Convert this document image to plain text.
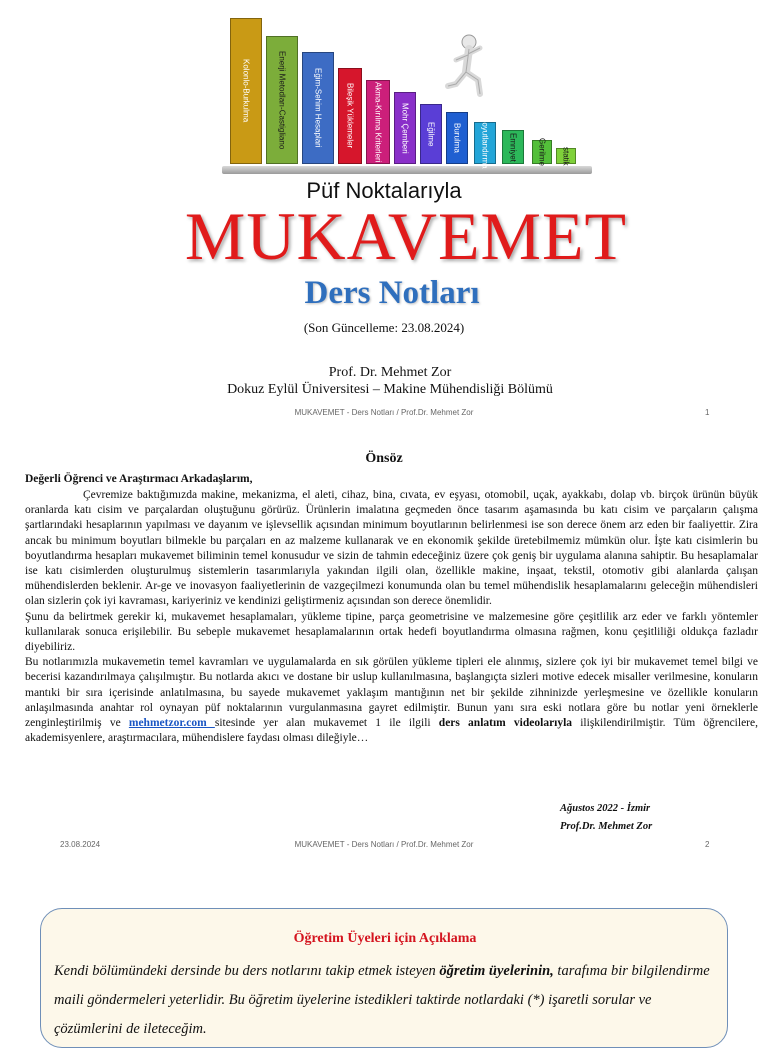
Kolonlo-Burkulma	Enerji Metodları-Castigliano	Eğim-Sehim Hesaplari	Bileşik Yüklemeler Akma-Kırılma Kriterleri Mohr Çemberi Eğilme Burulma Boyutlandırma Emniyet	Gerilme statik
Püf Noktalarıyla
MUKAVEMET
Ders Notları
(Son Güncelleme: 23.08.2024)
Prof. Dr. Mehmet Zor
Dokuz Eylül Üniversitesi – Makine Mühendisliği Bölümü
MUKAVEMET - Ders Notları / Prof.Dr. Mehmet Zor	1
Önsöz
Değerli Öğrenci ve Araştırmacı Arkadaşlarım,

Çevremize baktığımızda makine, mekanizma, el aleti, cihaz, bina, cıvata, ev eşyası, otomobil, uçak, ayakkabı, dolap vb. birçok ürünün büyük oranlarda katı cisim ve parçalardan oluştuğunu görürüz. Ürünlerin imalatına geçmeden önce tasarım aşamasında bu katı cisim ve parçaların çalışma şartlarındaki hesaplarının yapılması ve dayanım ve işlevsellik açısından minimum boyutlarının belirlenmesi ise son derece önem arz eden bir faaliyettir. Zira ancak bu minimum boyutları bilmekle bu parçaları en az malzeme kullanarak ve en ekonomik şekilde üretebilmemiz mümkün olur. İşte katı cisimlerin bu boyutlandırma hesapları mukavemet biliminin temel konusudur ve sizin de tahmin edeceğiniz üzere çok geniş bir uygulama alanına sahiptir. Bu hesaplamalar ise katı cisimlerden oluşturulmuş sistemlerin tasarımlarıyla yakından ilgili olan, özellikle makine, inşaat, tekstil, otomotiv gibi alanlarda çalışan mühendislerden beklenir. Ar-ge ve inovasyon faaliyetlerinin de vazgeçilmezi konumunda olan bu temel mühendislik hesaplamalarını geleceğin mühendisleri olan sizlerin çok iyi kavraması, kariyeriniz ve kendinizi geliştirmeniz açısından son derece önemlidir.

Şunu da belirtmek gerekir ki, mukavemet hesaplamaları, yükleme tipine, parça geometrisine ve malzemesine göre çeşitlilik arz eder ve farklı yöntemler kullanılarak sonuca erişilebilir. Bu sebeple mukavemet hesaplamalarının ortak hedefi boyutlandırma olmasına rağmen, konu çeşitliliği oldukça fazladır diyebiliriz.

Bu notlarımızla mukavemetin temel kavramları ve uygulamalarda en sık görülen yükleme tipleri ele alınmış, sizlere çok iyi bir mukavemet temel bilgi ve becerisi kazandırılmaya çalışılmıştır. Bu notlarda akıcı ve dostane bir uslup kullanılmasına, başlangıçta sizleri motive edecek misaller verilmesine, konuların mantıki bir sıra içerisinde anlatılmasına, bu sayede mukavemet yaklaşım mantığının net bir şekilde zihninizde yerleşmesine ve özellikle konuların anlaşılmasında anahtar rol oynayan püf noktalarının vurgulanmasına gayret edilmiştir. Bunun yanı sıra eski notlara göre bu notlar yeni örneklerle zenginleştirilmiş ve mehmetzor.com sitesinde yer alan mukavemet 1 ile ilgili ders anlatım videolarıyla ilişkilendirilmiştir. Tüm öğrencilere, akademisyenlere, araştırmacılara, mühendislere faydası olması dileğiyle…

Ağustos 2022 - İzmir
Prof.Dr. Mehmet Zor
23.08.2024	MUKAVEMET - Ders Notları / Prof.Dr. Mehmet Zor	2
Öğretim Üyeleri için Açıklama
Kendi bölümündeki dersinde bu ders notlarını takip etmek isteyen öğretim üyelerinin, tarafıma bir bilgilendirme maili göndermeleri yeterlidir. Bu öğretim üyelerine istedikleri taktirde notlardaki (*) işaretli sorular ve çözümlerini de ileteceğim.
